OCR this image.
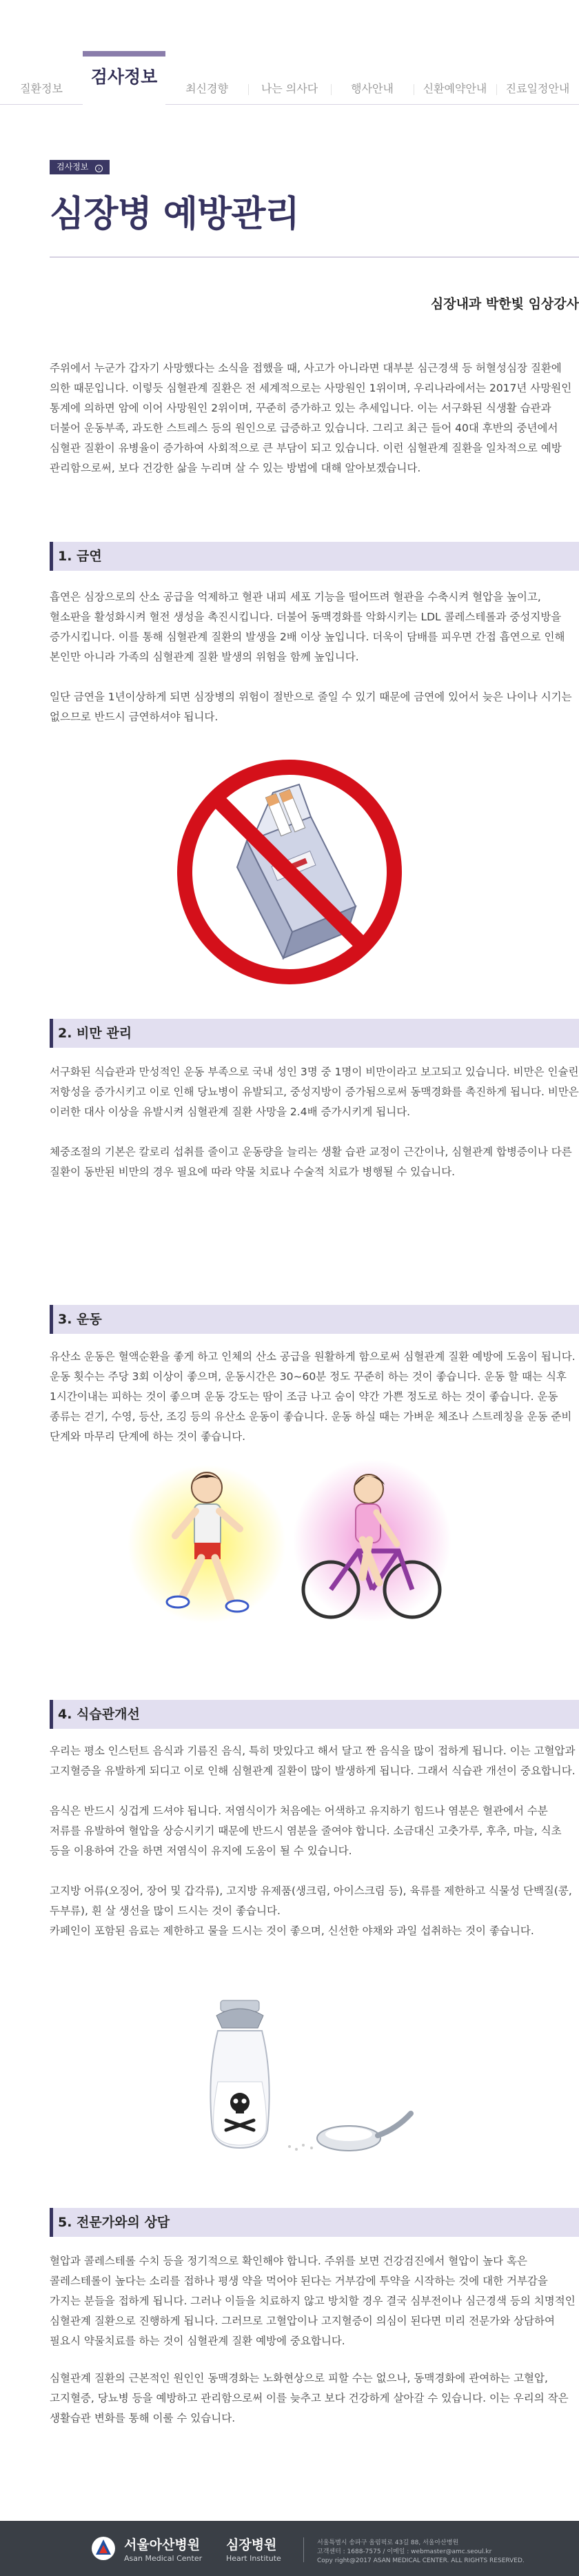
질환정보
검사정보
최신경향	나는 의사다	행사안내	신환예약안내	진료일정안내
검사정보 ›
심장병 예방관리
심장내과 박한빛 임상강사
주위에서 누군가 갑자기 사망했다는 소식을 접했을 때, 사고가 아니라면 대부분 심근경색 등 허혈성심장 질환에 의한 때문입니다. 이렇듯 심혈관계 질환은 전 세계적으로는 사망원인 1위이며, 우리나라에서는 2017년 사망원인 통계에 의하면 암에 이어 사망원인 2위이며, 꾸준히 증가하고 있는 추세입니다. 이는 서구화된 식생활 습관과 더불어 운동부족, 과도한 스트레스 등의 원인으로 급증하고 있습니다. 그리고 최근 들어 40대 후반의 중년에서 심혈관 질환이 유병율이 증가하여 사회적으로 큰 부담이 되고 있습니다. 이런 심혈관계 질환을 일차적으로 예방 관리함으로써, 보다 건강한 삶을 누리며 살 수 있는 방법에 대해 알아보겠습니다.
1. 금연
흡연은 심장으로의 산소 공급을 억제하고 혈관 내피 세포 기능을 떨어뜨려 혈관을 수축시켜 혈압을 높이고, 혈소판을 활성화시켜 혈전 생성을 촉진시킵니다. 더불어 동맥경화를 악화시키는 LDL 콜레스테롤과 중성지방을 증가시킵니다. 이를 통해 심혈관계 질환의 발생을 2배 이상 높입니다. 더욱이 담배를 피우면 간접 흡연으로 인해 본인만 아니라 가족의 심혈관계 질환 발생의 위험을 함께 높입니다.
일단 금연을 1년이상하게 되면 심장병의 위험이 절반으로 줄일 수 있기 때문에 금연에 있어서 늦은 나이나 시기는 없으므로 반드시 금연하셔야 됩니다.
2. 비만 관리
서구화된 식습관과 만성적인 운동 부족으로 국내 성인 3명 중 1명이 비만이라고 보고되고 있습니다. 비만은 인슐린 저항성을 증가시키고 이로 인해 당뇨병이 유발되고, 중성지방이 증가됨으로써 동맥경화를 촉진하게 됩니다. 비만은 이러한 대사 이상을 유발시켜 심혈관계 질환 사망을 2.4배 증가시키게 됩니다.
체중조절의 기본은 칼로리 섭취를 줄이고 운동량을 늘리는 생활 습관 교정이 근간이나, 심혈관계 합병증이나 다른 질환이 동반된 비만의 경우 필요에 따라 약물 치료나 수술적 치료가 병행될 수 있습니다.
3. 운동
유산소 운동은 혈액순환을 좋게 하고 인체의 산소 공급을 원활하게 함으로써 심혈관계 질환 예방에 도움이 됩니다. 운동 횟수는 주당 3회 이상이 좋으며, 운동시간은 30~60분 정도 꾸준히 하는 것이 좋습니다. 운동 할 때는 식후 1시간이내는 피하는 것이 좋으며 운동 강도는 땀이 조금 나고 숨이 약간 가쁜 정도로 하는 것이 좋습니다. 운동 종류는 걷기, 수영, 등산, 조깅 등의 유산소 운동이 좋습니다. 운동 하실 때는 가벼운 체조나 스트레칭을 운동 준비 단계와 마무리 단계에 하는 것이 좋습니다.
4. 식습관개선
우리는 평소 인스턴트 음식과 기름진 음식, 특히 맛있다고 해서 달고 짠 음식을 많이 접하게 됩니다. 이는 고혈압과 고지혈증을 유발하게 되디고 이로 인해 심혈관계 질환이 많이 발생하게 됩니다. 그래서 식습관 개선이 중요합니다.
음식은 반드시 싱겁게 드셔야 됩니다. 저염식이가 처음에는 어색하고 유지하기 힘드나 염분은 혈관에서 수분 저류를 유발하여 혈압을 상승시키기 때문에 반드시 염분을 줄여야 합니다. 소금대신 고춧가루, 후추, 마늘, 식초 등을 이용하여 간을 하면 저염식이 유지에 도움이 될 수 있습니다.
고지방 어류(오징어, 장어 및 갑각류), 고지방 유제품(생크림, 아이스크림 등), 육류를 제한하고 식물성 단백질(콩, 두부류), 흰 살 생선을 많이 드시는 것이 좋습니다.
카페인이 포함된 음료는 제한하고 물을 드시는 것이 좋으며, 신선한 야채와 과일 섭취하는 것이 좋습니다.
5. 전문가와의 상담
혈압과 콜레스테롤 수치 등을 정기적으로 확인해야 합니다. 주위를 보면 건강검진에서 혈압이 높다 혹은 콜레스테롤이 높다는 소리를 접하나 평생 약을 먹어야 된다는 거부감에 투약을 시작하는 것에 대한 거부감을 가지는 분들을 접하게 됩니다. 그러나 이들을 치료하지 않고 방치할 경우 결국 심부전이나 심근경색 등의 치명적인 심혈관계 질환으로 진행하게 됩니다. 그러므로 고혈압이나 고지혈증이 의심이 된다면 미리 전문가와 상담하여 필요시 약물치료를 하는 것이 심혈관계 질환 예방에 중요합니다.
심혈관계 질환의 근본적인 원인인 동맥경화는 노화현상으로 피할 수는 없으나, 동맥경화에 관여하는 고혈압, 고지혈증, 당뇨병 등을 예방하고 관리함으로써 이를 늦추고 보다 건강하게 살아갈 수 있습니다. 이는 우리의 작은 생활습관 변화를 통해 이룰 수 있습니다.
서울아산병원
Asan Medical Center
심장병원
Heart Institute
서울특별시 송파구 올림픽로 43길 88, 서울아산병원
고객센터 : 1688-7575 / 이메일 : webmaster@amc.seoul.kr
Copy right@2017 ASAN MEDICAL CENTER. ALL RIGHTS RESERVED.
